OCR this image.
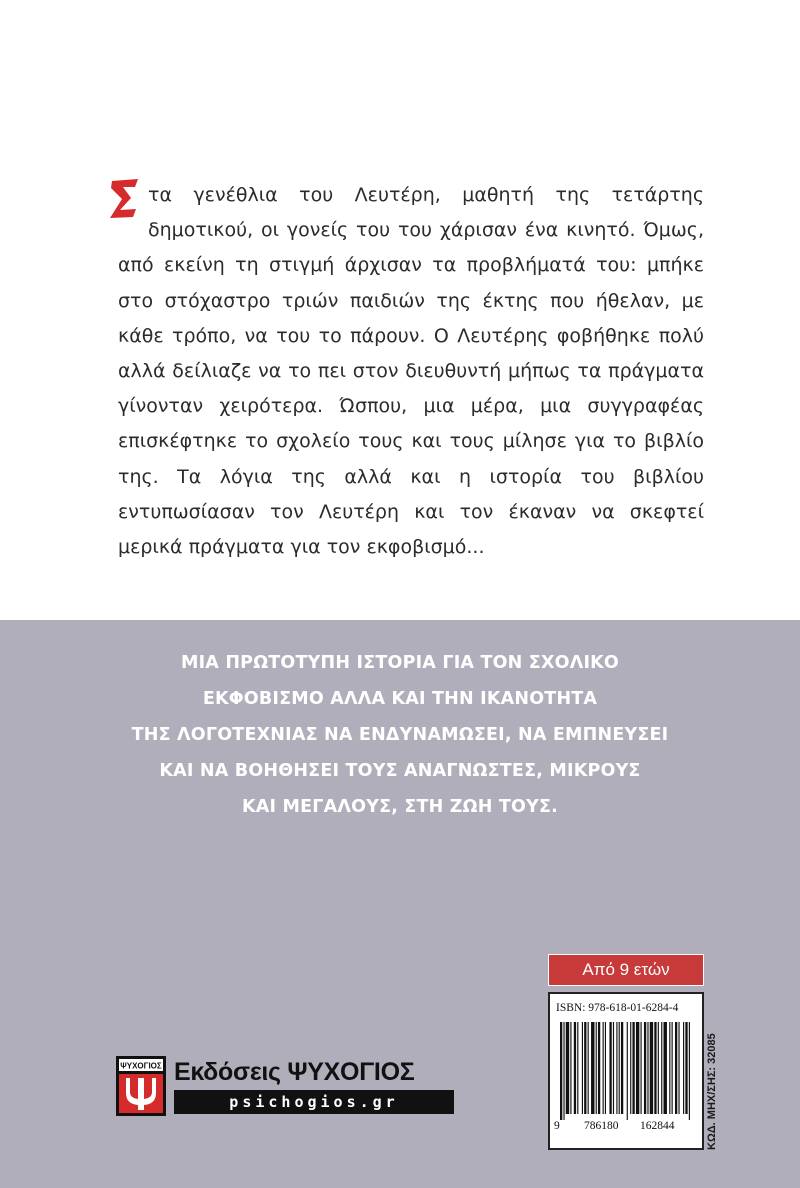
τα γενέθλια του Λευτέρη, μαθητή της τετάρτης δημοτικού, οι γονείς του του χάρισαν ένα κινητό. Όμως, από εκείνη τη στιγμή άρχισαν τα προβλήματά του: μπήκε στο στόχαστρο τριών παιδιών της έκτης που ήθελαν, με κάθε τρόπο, να του το πάρουν. Ο Λευτέρης φοβήθηκε πολύ αλλά δείλιαζε να το πει στον διευθυντή μήπως τα πράγματα γίνονταν χειρότερα. Ώσπου, μια μέρα, μια συγγραφέας επισκέφτηκε το σχολείο τους και τους μίλησε για το βιβλίο της. Τα λόγια της αλλά και η ιστορία του βιβλίου εντυπωσίασαν τον Λευτέρη και τον έκαναν να σκεφτεί μερικά πράγματα για τον εκφοβισμό...

ΜΙΑ ΠΡΩΤΟΤΥΠΗ ΙΣΤΟΡΙΑ ΓΙΑ ΤΟΝ ΣΧΟΛΙΚΟ
ΕΚΦΟΒΙΣΜΟ ΑΛΛΑ ΚΑΙ ΤΗΝ ΙΚΑΝΟΤΗΤΑ
ΤΗΣ ΛΟΓΟΤΕΧΝΙΑΣ ΝΑ ΕΝΔΥΝΑΜΩΣΕΙ, ΝΑ ΕΜΠΝΕΥΣΕΙ
ΚΑΙ ΝΑ ΒΟΗΘΗΣΕΙ ΤΟΥΣ ΑΝΑΓΝΩΣΤΕΣ, ΜΙΚΡΟΥΣ
ΚΑΙ ΜΕΓΑΛΟΥΣ, ΣΤΗ ΖΩΗ ΤΟΥΣ.
Από 9 ετών
ISBN: 978-618-01-6284-4
9 786180 162844	ΚΩΔ. ΜΗΧ/ΣΗΣ: 32085
ΨΥΧΟΓΙΟΣ Εκδόσεις ΨΥΧΟΓΙΟΣ
psichogios.gr
